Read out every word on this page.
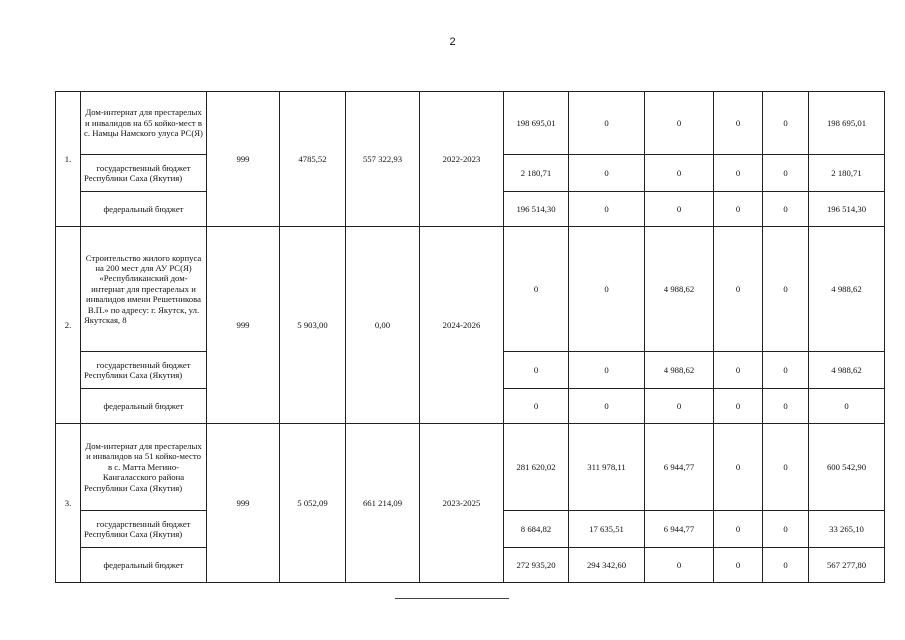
2
1.	Дом-интернат для престарелых и инвалидов на 65 койко-мест в с. Намцы Намского улуса РС(Я)	999	4785,52	557 322,93	2022-2023	198 695,01	0	0	0	0	198 695,01
	государственный бюджет Республики Саха (Якутия)					2 180,71	0	0	0	0	2 180,71
	федеральный бюджет					196 514,30	0	0	0	0	196 514,30
2.	Строительство жилого корпуса на 200 мест для АУ РС(Я) «Республиканский дом-интернат для престарелых и инвалидов имени Решетникова В.П.» по адресу: г. Якутск, ул. Якутская, 8	999	5 903,00	0,00	2024-2026	0	0	4 988,62	0	0	4 988,62
	государственный бюджет Республики Саха (Якутия)					0	0	4 988,62	0	0	4 988,62
	федеральный бюджет					0	0	0	0	0	0
3.	Дом-интернат для престарелых и инвалидов на 51 койко-место в с. Матта Мегино-Кангаласского района Республики Саха (Якутия)	999	5 052,09	661 214,09	2023-2025	281 620,02	311 978,11	6 944,77	0	0	600 542,90
	государственный бюджет Республики Саха (Якутия)					8 684,82	17 635,51	6 944,77	0	0	33 265,10
	федеральный бюджет					272 935,20	294 342,60	0	0	0	567 277,80
